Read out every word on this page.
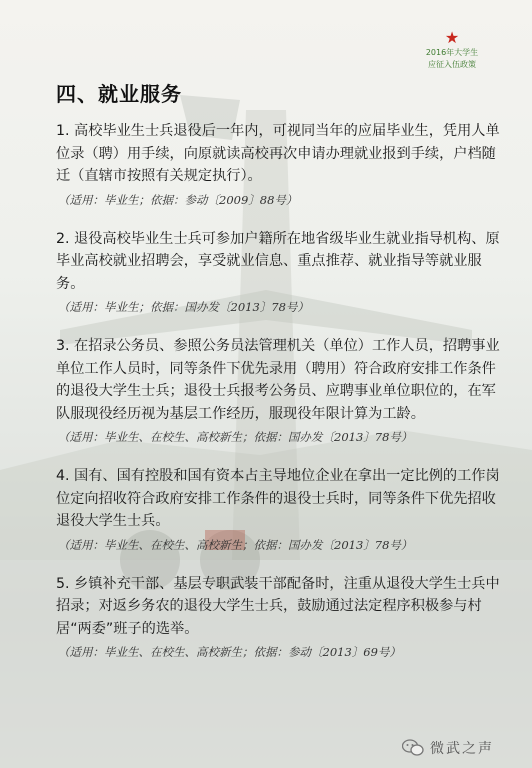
★
2016年大学生
应征入伍政策
四、就业服务
1. 高校毕业生士兵退役后一年内，可视同当年的应届毕业生，凭用人单位录（聘）用手续，向原就读高校再次申请办理就业报到手续，户档随迁（直辖市按照有关规定执行）。
（适用：毕业生；依据：参动〔2009〕88号）
2. 退役高校毕业生士兵可参加户籍所在地省级毕业生就业指导机构、原毕业高校就业招聘会，享受就业信息、重点推荐、就业指导等就业服务。
（适用：毕业生；依据：国办发〔2013〕78号）
3. 在招录公务员、参照公务员法管理机关（单位）工作人员，招聘事业单位工作人员时，同等条件下优先录用（聘用）符合政府安排工作条件的退役大学生士兵；退役士兵报考公务员、应聘事业单位职位的，在军队服现役经历视为基层工作经历，服现役年限计算为工龄。
（适用：毕业生、在校生、高校新生；依据：国办发〔2013〕78号）
4. 国有、国有控股和国有资本占主导地位企业在拿出一定比例的工作岗位定向招收符合政府安排工作条件的退役士兵时，同等条件下优先招收退役大学生士兵。
（适用：毕业生、在校生、高校新生；依据：国办发〔2013〕78号）
5. 乡镇补充干部、基层专职武装干部配备时，注重从退役大学生士兵中招录；对返乡务农的退役大学生士兵，鼓励通过法定程序积极参与村居“两委”班子的选举。
（适用：毕业生、在校生、高校新生；依据：参动〔2013〕69号）
微武之声
